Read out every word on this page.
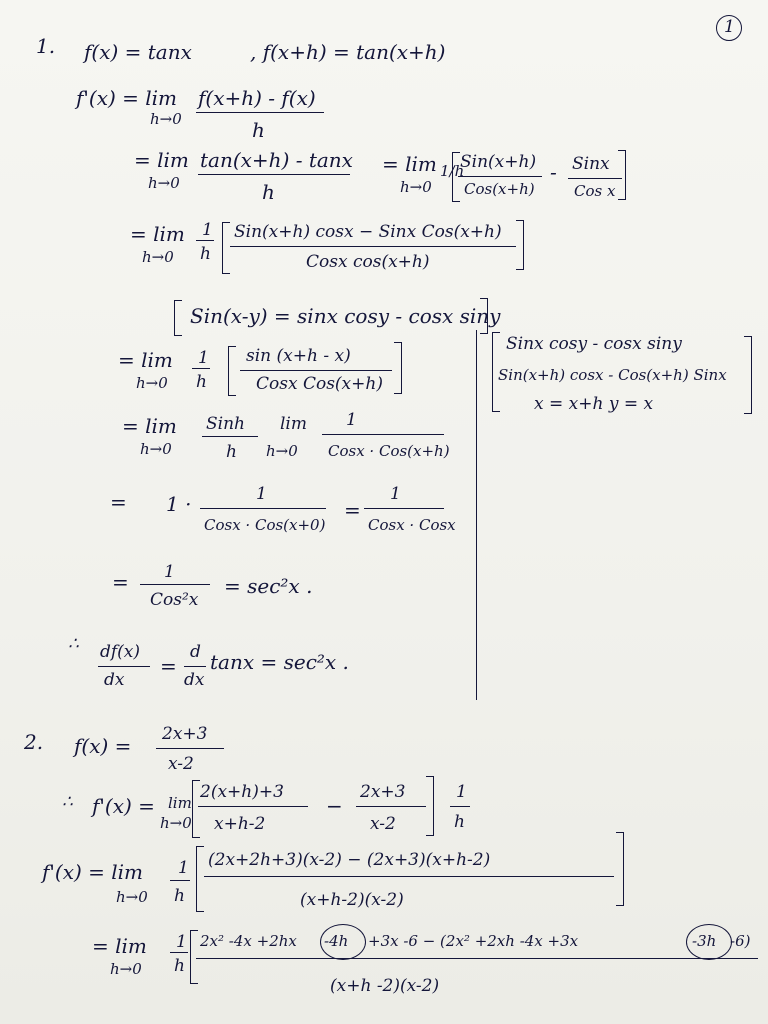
1
1. f(x) = tanx	, f(x+h) = tan(x+h)
f'(x) = lim
h→0
f(x+h) - f(x)
h
= lim
h→0
tan(x+h) - tanx
h
= lim
h→0
1/h
Sin(x+h)
Cos(x+h)
- Sinx
Cos x
= lim
h→0
1
h
Sin(x+h) cosx − Sinx Cos(x+h)
Cosx cos(x+h)
Sin(x-y) = sinx cosy - cosx siny
= lim
h→0
1
h
sin (x+h - x)
Cosx Cos(x+h)
Sinx cosy - cosx siny
Sin(x+h) cosx - Cos(x+h) Sinx
x = x+h y = x
= lim
h→0
Sinh
h
lim
h→0
1
Cosx · Cos(x+h)
= 1 ·	1
Cosx · Cos(x+0)
=
1
Cosx · Cosx
= 1
Cos²x
= sec²x .
∴ df(x)
dx
=
d
dx
tanx = sec²x .
2. f(x) = 2x+3
x-2
∴ f'(x) = lim
h→0
2(x+h)+3
x+h-2
−
2x+3
x-2
1
h
f'(x) = lim
h→0
1
h
(2x+2h+3)(x-2) − (2x+3)(x+h-2)
(x+h-2)(x-2)
= lim
h→0
1
h
2x² -4x +2hx -4h +3x -6 − (2x² +2xh -4x +3x	-3h -6)
(x+h -2)(x-2)
